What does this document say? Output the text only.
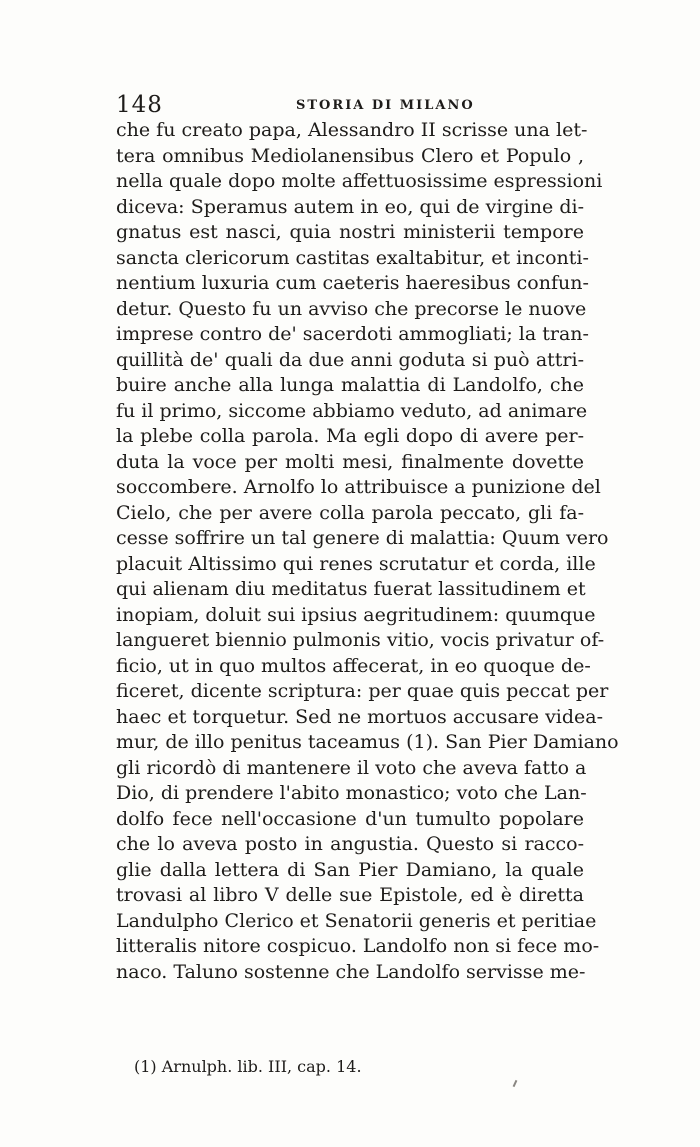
148	STORIA DI MILANO
che fu creato papa, Alessandro II scrisse una let-
tera omnibus Mediolanensibus Clero et Populo ,
nella quale dopo molte affettuosissime espressioni
diceva: Speramus autem in eo, qui de virgine di-
gnatus est nasci, quia nostri ministerii tempore
sancta clericorum castitas exaltabitur, et inconti-
nentium luxuria cum caeteris haeresibus confun-
detur. Questo fu un avviso che precorse le nuove
imprese contro de' sacerdoti ammogliati; la tran-
quillità de' quali da due anni goduta si può attri-
buire anche alla lunga malattia di Landolfo, che
fu il primo, siccome abbiamo veduto, ad animare
la plebe colla parola. Ma egli dopo di avere per-
duta la voce per molti mesi, finalmente dovette
soccombere. Arnolfo lo attribuisce a punizione del
Cielo, che per avere colla parola peccato, gli fa-
cesse soffrire un tal genere di malattia: Quum vero
placuit Altissimo qui renes scrutatur et corda, ille
qui alienam diu meditatus fuerat lassitudinem et
inopiam, doluit sui ipsius aegritudinem: quumque
langueret biennio pulmonis vitio, vocis privatur of-
ficio, ut in quo multos affecerat, in eo quoque de-
ficeret, dicente scriptura: per quae quis peccat per
haec et torquetur. Sed ne mortuos accusare videa-
mur, de illo penitus taceamus (1). San Pier Damiano
gli ricordò di mantenere il voto che aveva fatto a
Dio, di prendere l'abito monastico; voto che Lan-
dolfo fece nell'occasione d'un tumulto popolare
che lo aveva posto in angustia. Questo si racco-
glie dalla lettera di San Pier Damiano, la quale
trovasi al libro V delle sue Epistole, ed è diretta
Landulpho Clerico et Senatorii generis et peritiae
litteralis nitore cospicuo. Landolfo non si fece mo-
naco. Taluno sostenne che Landolfo servisse me-
(1) Arnulph. lib. III, cap. 14.
